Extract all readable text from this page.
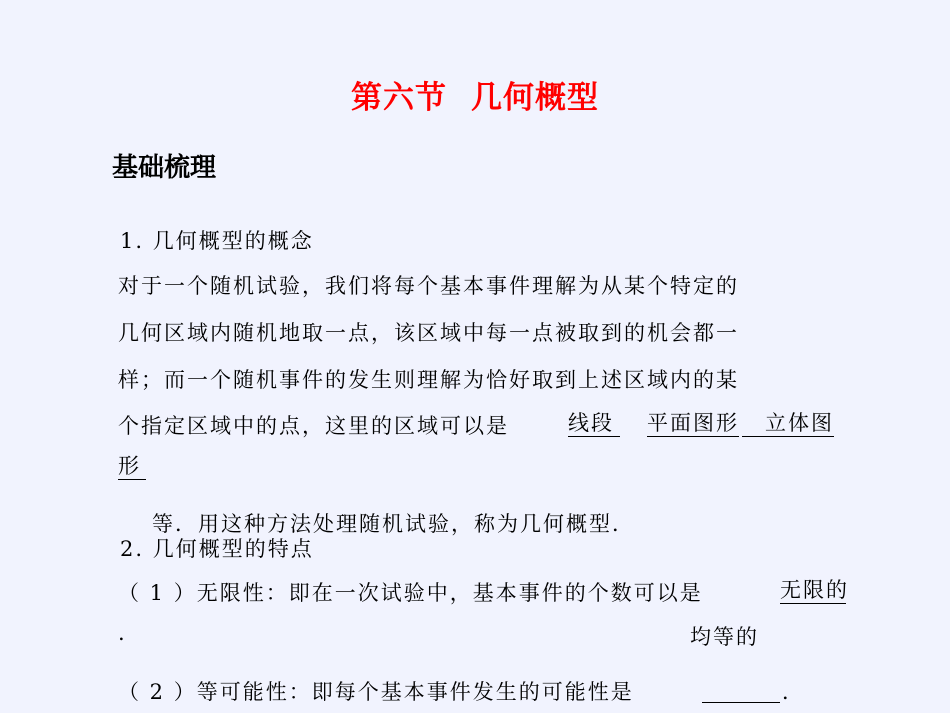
第六节 几何概型
基础梳理
1. 几何概型的概念
对于一个随机试验，我们将每个基本事件理解为从某个特定的
几何区域内随机地取一点，该区域中每一点被取到的机会都一
样；而一个随机事件的发生则理解为恰好取到上述区域内的某
个指定区域中的点，这里的区域可以是	线段 平面图形	立体图
形
等．用这种方法处理随机试验，称为几何概型．
2. 几何概型的特点
（ 1 ）无限性：即在一次试验中，基本事件的个数可以是	无限的
.	均等的
（ 2 ）等可能性：即每个基本事件发生的可能性是	．
